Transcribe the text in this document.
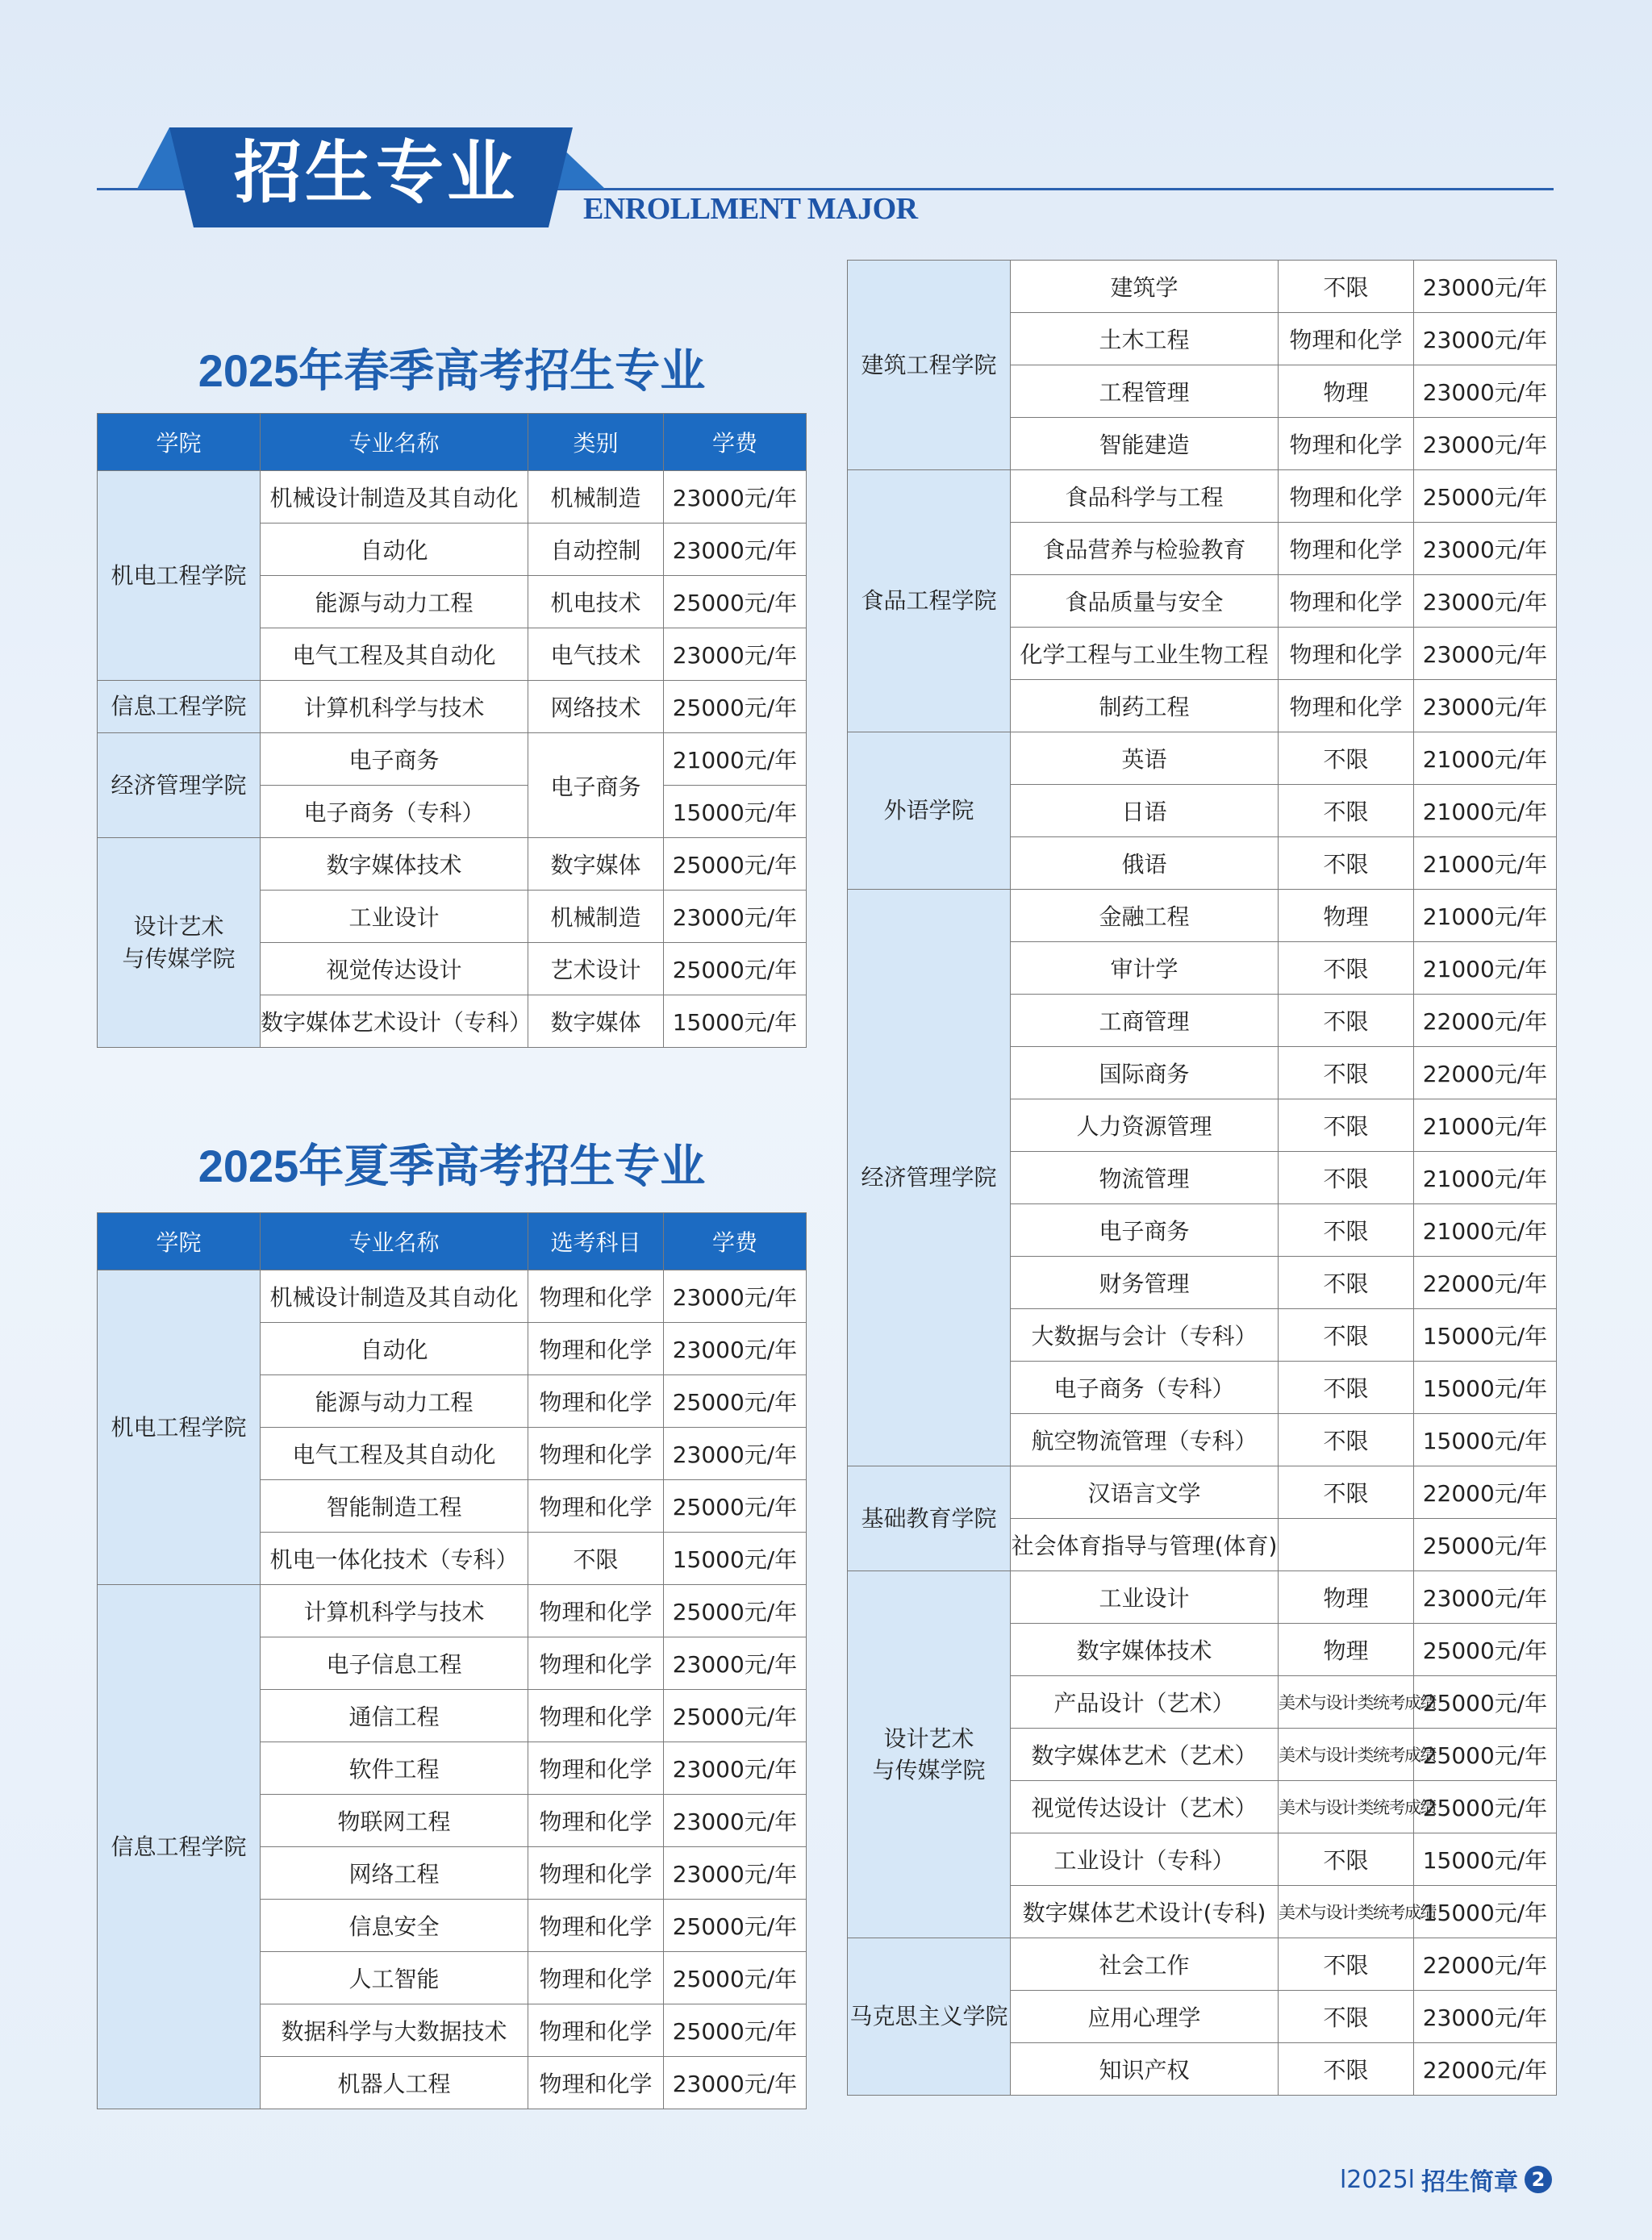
招生专业 ENROLLMENT MAJOR
2025年春季高考招生专业
学院	专业名称	类别	学费
机电工程学院	机械设计制造及其自动化	机械制造	23000元/年
	自动化	自动控制	23000元/年
	能源与动力工程	机电技术	25000元/年
	电气工程及其自动化	电气技术	23000元/年
信息工程学院	计算机科学与技术	网络技术	25000元/年
经济管理学院	电子商务	电子商务	21000元/年
	电子商务（专科）		15000元/年
设计艺术
与传媒学院	数字媒体技术	数字媒体	25000元/年
	工业设计	机械制造	23000元/年
	视觉传达设计	艺术设计	25000元/年
	数字媒体艺术设计（专科）	数字媒体	15000元/年
2025年夏季高考招生专业
学院	专业名称	选考科目	学费
机电工程学院	机械设计制造及其自动化	物理和化学	23000元/年
	自动化	物理和化学	23000元/年
	能源与动力工程	物理和化学	25000元/年
	电气工程及其自动化	物理和化学	23000元/年
	智能制造工程	物理和化学	25000元/年
	机电一体化技术（专科）	不限	15000元/年
信息工程学院	计算机科学与技术	物理和化学	25000元/年
	电子信息工程	物理和化学	23000元/年
	通信工程	物理和化学	25000元/年
	软件工程	物理和化学	23000元/年
	物联网工程	物理和化学	23000元/年
	网络工程	物理和化学	23000元/年
	信息安全	物理和化学	25000元/年
	人工智能	物理和化学	25000元/年
	数据科学与大数据技术	物理和化学	25000元/年
	机器人工程	物理和化学	23000元/年
建筑工程学院	建筑学	不限	23000元/年
	土木工程	物理和化学	23000元/年
	工程管理	物理	23000元/年
	智能建造	物理和化学	23000元/年
食品工程学院	食品科学与工程	物理和化学	25000元/年
	食品营养与检验教育	物理和化学	23000元/年
	食品质量与安全	物理和化学	23000元/年
	化学工程与工业生物工程	物理和化学	23000元/年
	制药工程	物理和化学	23000元/年
外语学院	英语	不限	21000元/年
	日语	不限	21000元/年
	俄语	不限	21000元/年
经济管理学院	金融工程	物理	21000元/年
	审计学	不限	21000元/年
	工商管理	不限	22000元/年
	国际商务	不限	22000元/年
	人力资源管理	不限	21000元/年
	物流管理	不限	21000元/年
	电子商务	不限	21000元/年
	财务管理	不限	22000元/年
	大数据与会计（专科）	不限	15000元/年
	电子商务（专科）	不限	15000元/年
	航空物流管理（专科）	不限	15000元/年
基础教育学院	汉语言文学	不限	22000元/年
	社会体育指导与管理(体育)		25000元/年
设计艺术
与传媒学院	工业设计	物理	23000元/年
	数字媒体技术	物理	25000元/年
	产品设计（艺术）	美术与设计类统考成绩	25000元/年
	数字媒体艺术（艺术）	美术与设计类统考成绩	25000元/年
	视觉传达设计（艺术）	美术与设计类统考成绩	25000元/年
	工业设计（专科）	不限	15000元/年
	数字媒体艺术设计(专科)	美术与设计类统考成绩	15000元/年
马克思主义学院	社会工作	不限	22000元/年
	应用心理学	不限	23000元/年
	知识产权	不限	22000元/年
l2025l 招生简章 2
